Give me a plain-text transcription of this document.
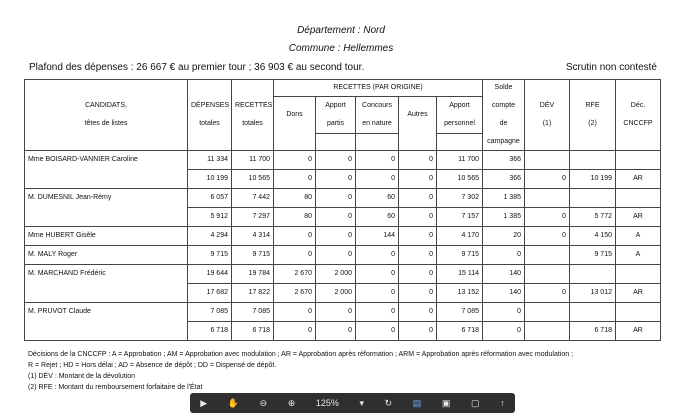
Département : Nord
Commune : Hellemmes
Plafond des dépenses : 26 667 € au premier tour ; 36 903 € au second tour.	Scrutin non contesté
			RECETTES (PAR ORIGINE)					Solde			
CANDIDATS,	DÉPENSES	RECETTES	Dons	Apport	Concours	Autres	Apport	compte	DÉV	RFE	Déc.
têtes de listes	totales	totales		partis	en nature		personnel	de	(1)	(2)	CNCCFP
								campagne			
Mme BOISARD-VANNIER Caroline	11 334	11 700	0	0	0	0	11 700	366			
	10 199	10 565	0	0	0	0	10 565	366	0	10 199	AR
M. DUMESNIL Jean-Rémy	6 057	7 442	80	0	60	0	7 302	1 385			
	5 912	7 297	80	0	60	0	7 157	1 385	0	5 772	AR
Mme HUBERT Gisèle	4 294	4 314	0	0	144	0	4 170	20	0	4 150	A
M. MALY Roger	9 715	9 715	0	0	0	0	9 715	0		9 715	A
M. MARCHAND Frédéric	19 644	19 784	2 670	2 000	0	0	15 114	140			
	17 682	17 822	2 670	2 000	0	0	13 152	140	0	13 012	AR
M. PRUVOT Claude	7 085	7 085	0	0	0	0	7 085	0			
	6 718	6 718	0	0	0	0	6 718	0		6 718	AR
Décisions de la CNCCFP : A = Approbation ; AM = Approbation avec modulation ; AR = Approbation après réformation ; ARM = Approbation après réformation avec modulation ;
R = Rejet ; HD = Hors délai ; AD = Absence de dépôt ; DD = Dispensé de dépôt.
(1) DÉV : Montant de la dévolution
(2) RFE : Montant du remboursement forfaitaire de l'État
▶ ✋ ⊖ ⊕ 125% ▾ ↻ ▤ ▣ ▢ ↑
